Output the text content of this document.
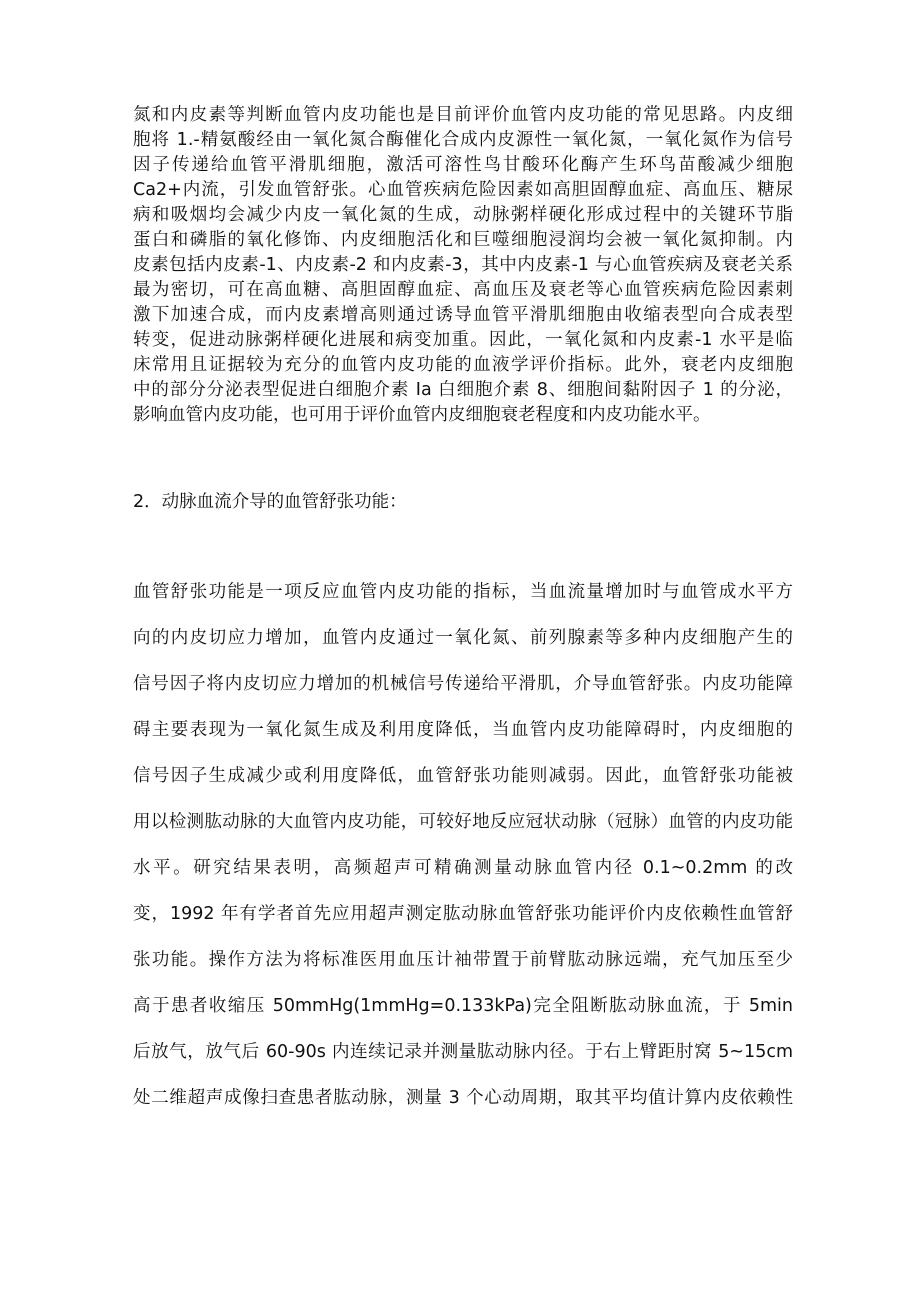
氮和内皮素等判断血管内皮功能也是目前评价血管内皮功能的常见思路。内皮细
胞将 1.-精氨酸经由一氧化氮合酶催化合成内皮源性一氧化氮，一氧化氮作为信号
因子传递给血管平滑肌细胞，激活可溶性鸟甘酸环化酶产生环鸟苗酸减少细胞
Ca2+内流，引发血管舒张。心血管疾病危险因素如高胆固醇血症、高血压、糖尿
病和吸烟均会减少内皮一氧化氮的生成，动脉粥样硬化形成过程中的关键环节脂
蛋白和磷脂的氧化修饰、内皮细胞活化和巨噬细胞浸润均会被一氧化氮抑制。内
皮素包括内皮素-1、内皮素-2 和内皮素-3，其中内皮素-1 与心血管疾病及衰老关系
最为密切，可在高血糖、高胆固醇血症、高血压及衰老等心血管疾病危险因素刺
激下加速合成，而内皮素增高则通过诱导血管平滑肌细胞由收缩表型向合成表型
转变，促进动脉粥样硬化进展和病变加重。因此，一氧化氮和内皮素-1 水平是临
床常用且证据较为充分的血管内皮功能的血液学评价指标。此外，衰老内皮细胞
中的部分分泌表型促进白细胞介素 Ia 白细胞介素 8、细胞间黏附因子 1 的分泌，
影响血管内皮功能，也可用于评价血管内皮细胞衰老程度和内皮功能水平。

2．动脉血流介导的血管舒张功能：

血管舒张功能是一项反应血管内皮功能的指标，当血流量增加时与血管成水平方
向的内皮切应力增加，血管内皮通过一氧化氮、前列腺素等多种内皮细胞产生的
信号因子将内皮切应力增加的机械信号传递给平滑肌，介导血管舒张。内皮功能障
碍主要表现为一氧化氮生成及利用度降低，当血管内皮功能障碍时，内皮细胞的
信号因子生成减少或利用度降低，血管舒张功能则减弱。因此，血管舒张功能被
用以检测肱动脉的大血管内皮功能，可较好地反应冠状动脉（冠脉）血管的内皮功能
水平。研究结果表明，高频超声可精确测量动脉血管内径 0.1~0.2mm 的改
变，1992 年有学者首先应用超声测定肱动脉血管舒张功能评价内皮依赖性血管舒
张功能。操作方法为将标准医用血压计袖带置于前臂肱动脉远端，充气加压至少
高于患者收缩压 50mmHg(1mmHg=0.133kPa)完全阻断肱动脉血流，于 5min
后放气，放气后 60-90s 内连续记录并测量肱动脉内径。于右上臂距肘窝 5~15cm
处二维超声成像扫查患者肱动脉，测量 3 个心动周期，取其平均值计算内皮依赖性
